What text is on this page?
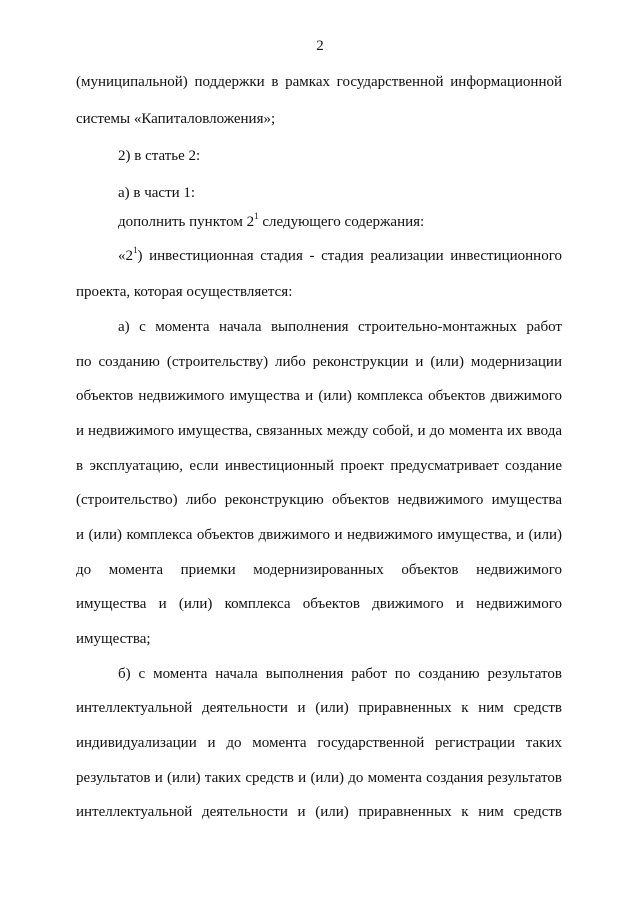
2
(муниципальной) поддержки в рамках государственной информационной
системы «Капиталовложения»;
2) в статье 2:
а) в части 1:
дополнить пунктом $2^1$ следующего содержания:
«$2^1$) инвестиционная стадия - стадия реализации инвестиционного
проекта, которая осуществляется:
а) с момента начала выполнения строительно-монтажных работ
по созданию (строительству) либо реконструкции и (или) модернизации
объектов недвижимого имущества и (или) комплекса объектов движимого
и недвижимого имущества, связанных между собой, и до момента их ввода
в эксплуатацию, если инвестиционный проект предусматривает создание
(строительство) либо реконструкцию объектов недвижимого имущества
и (или) комплекса объектов движимого и недвижимого имущества, и (или)
до момента приемки модернизированных объектов недвижимого
имущества и (или) комплекса объектов движимого и недвижимого
имущества;
б) с момента начала выполнения работ по созданию результатов
интеллектуальной деятельности и (или) приравненных к ним средств
индивидуализации и до момента государственной регистрации таких
результатов и (или) таких средств и (или) до момента создания результатов
интеллектуальной деятельности и (или) приравненных к ним средств
